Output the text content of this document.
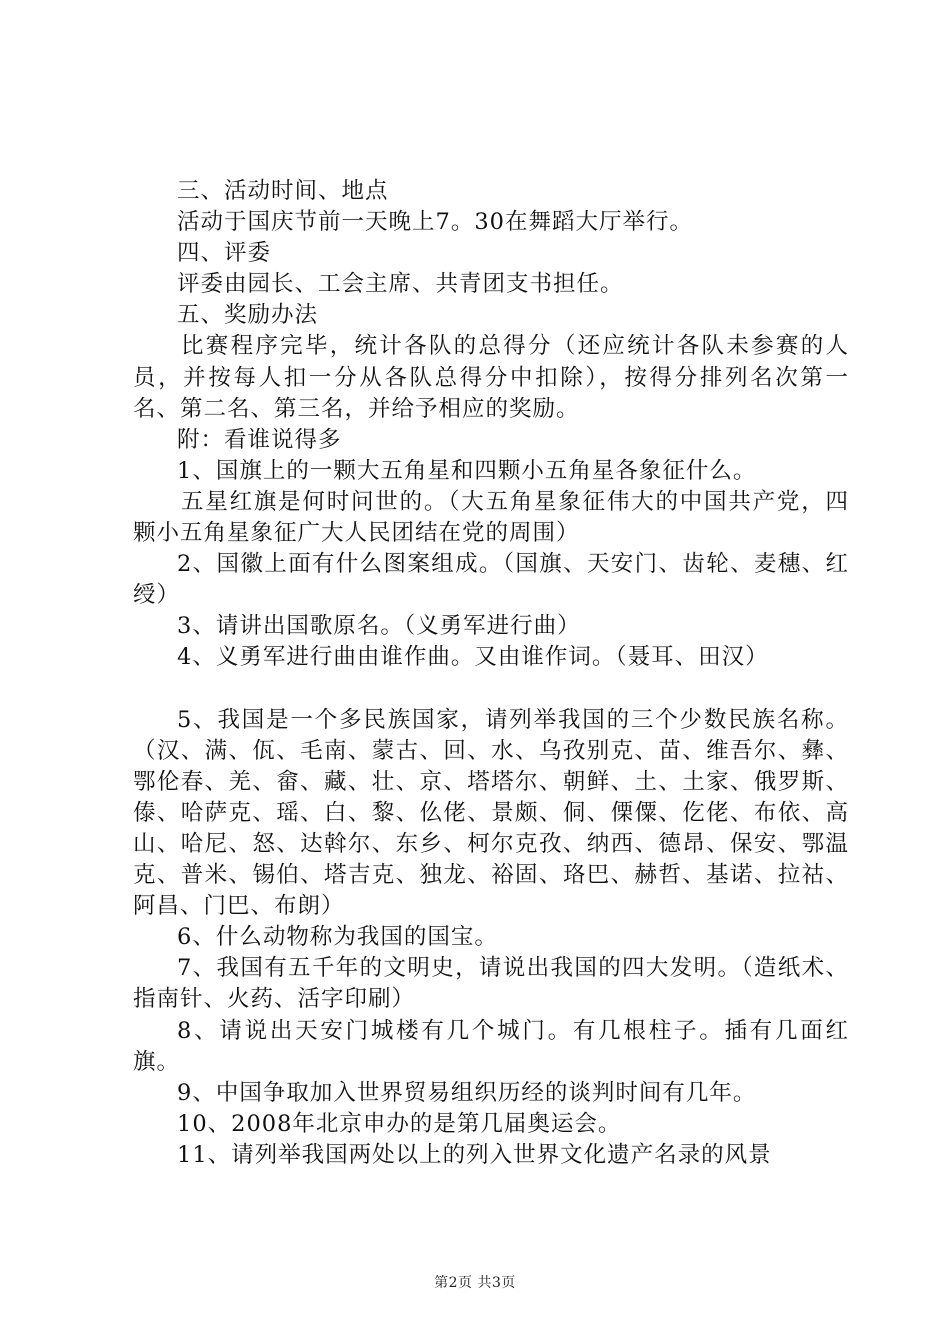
三、活动时间、地点

活动于国庆节前一天晚上7。30在舞蹈大厅举行。

四、评委

评委由园长、工会主席、共青团支书担任。

五、奖励办法

比赛程序完毕，统计各队的总得分（还应统计各队未参赛的人员，并按每人扣一分从各队总得分中扣除），按得分排列名次第一名、第二名、第三名，并给予相应的奖励。

附：看谁说得多

1、国旗上的一颗大五角星和四颗小五角星各象征什么。

五星红旗是何时问世的。（大五角星象征伟大的中国共产党，四颗小五角星象征广大人民团结在党的周围）

2、国徽上面有什么图案组成。（国旗、天安门、齿轮、麦穗、红绶）

3、请讲出国歌原名。（义勇军进行曲）

4、义勇军进行曲由谁作曲。又由谁作词。（聂耳、田汉）

5、我国是一个多民族国家，请列举我国的三个少数民族名称。（汉、满、佤、毛南、蒙古、回、水、乌孜别克、苗、维吾尔、彝、鄂伦春、羌、畲、藏、壮、京、塔塔尔、朝鲜、土、土家、俄罗斯、傣、哈萨克、瑶、白、黎、仫佬、景颇、侗、傈僳、仡佬、布依、高山、哈尼、怒、达斡尔、东乡、柯尔克孜、纳西、德昂、保安、鄂温克、普米、锡伯、塔吉克、独龙、裕固、珞巴、赫哲、基诺、拉祜、阿昌、门巴、布朗）

6、什么动物称为我国的国宝。

7、我国有五千年的文明史，请说出我国的四大发明。（造纸术、指南针、火药、活字印刷）

8、请说出天安门城楼有几个城门。有几根柱子。插有几面红旗。

9、中国争取加入世界贸易组织历经的谈判时间有几年。

10、2008年北京申办的是第几届奥运会。

11、请列举我国两处以上的列入世界文化遗产名录的风景

第2页 共3页
